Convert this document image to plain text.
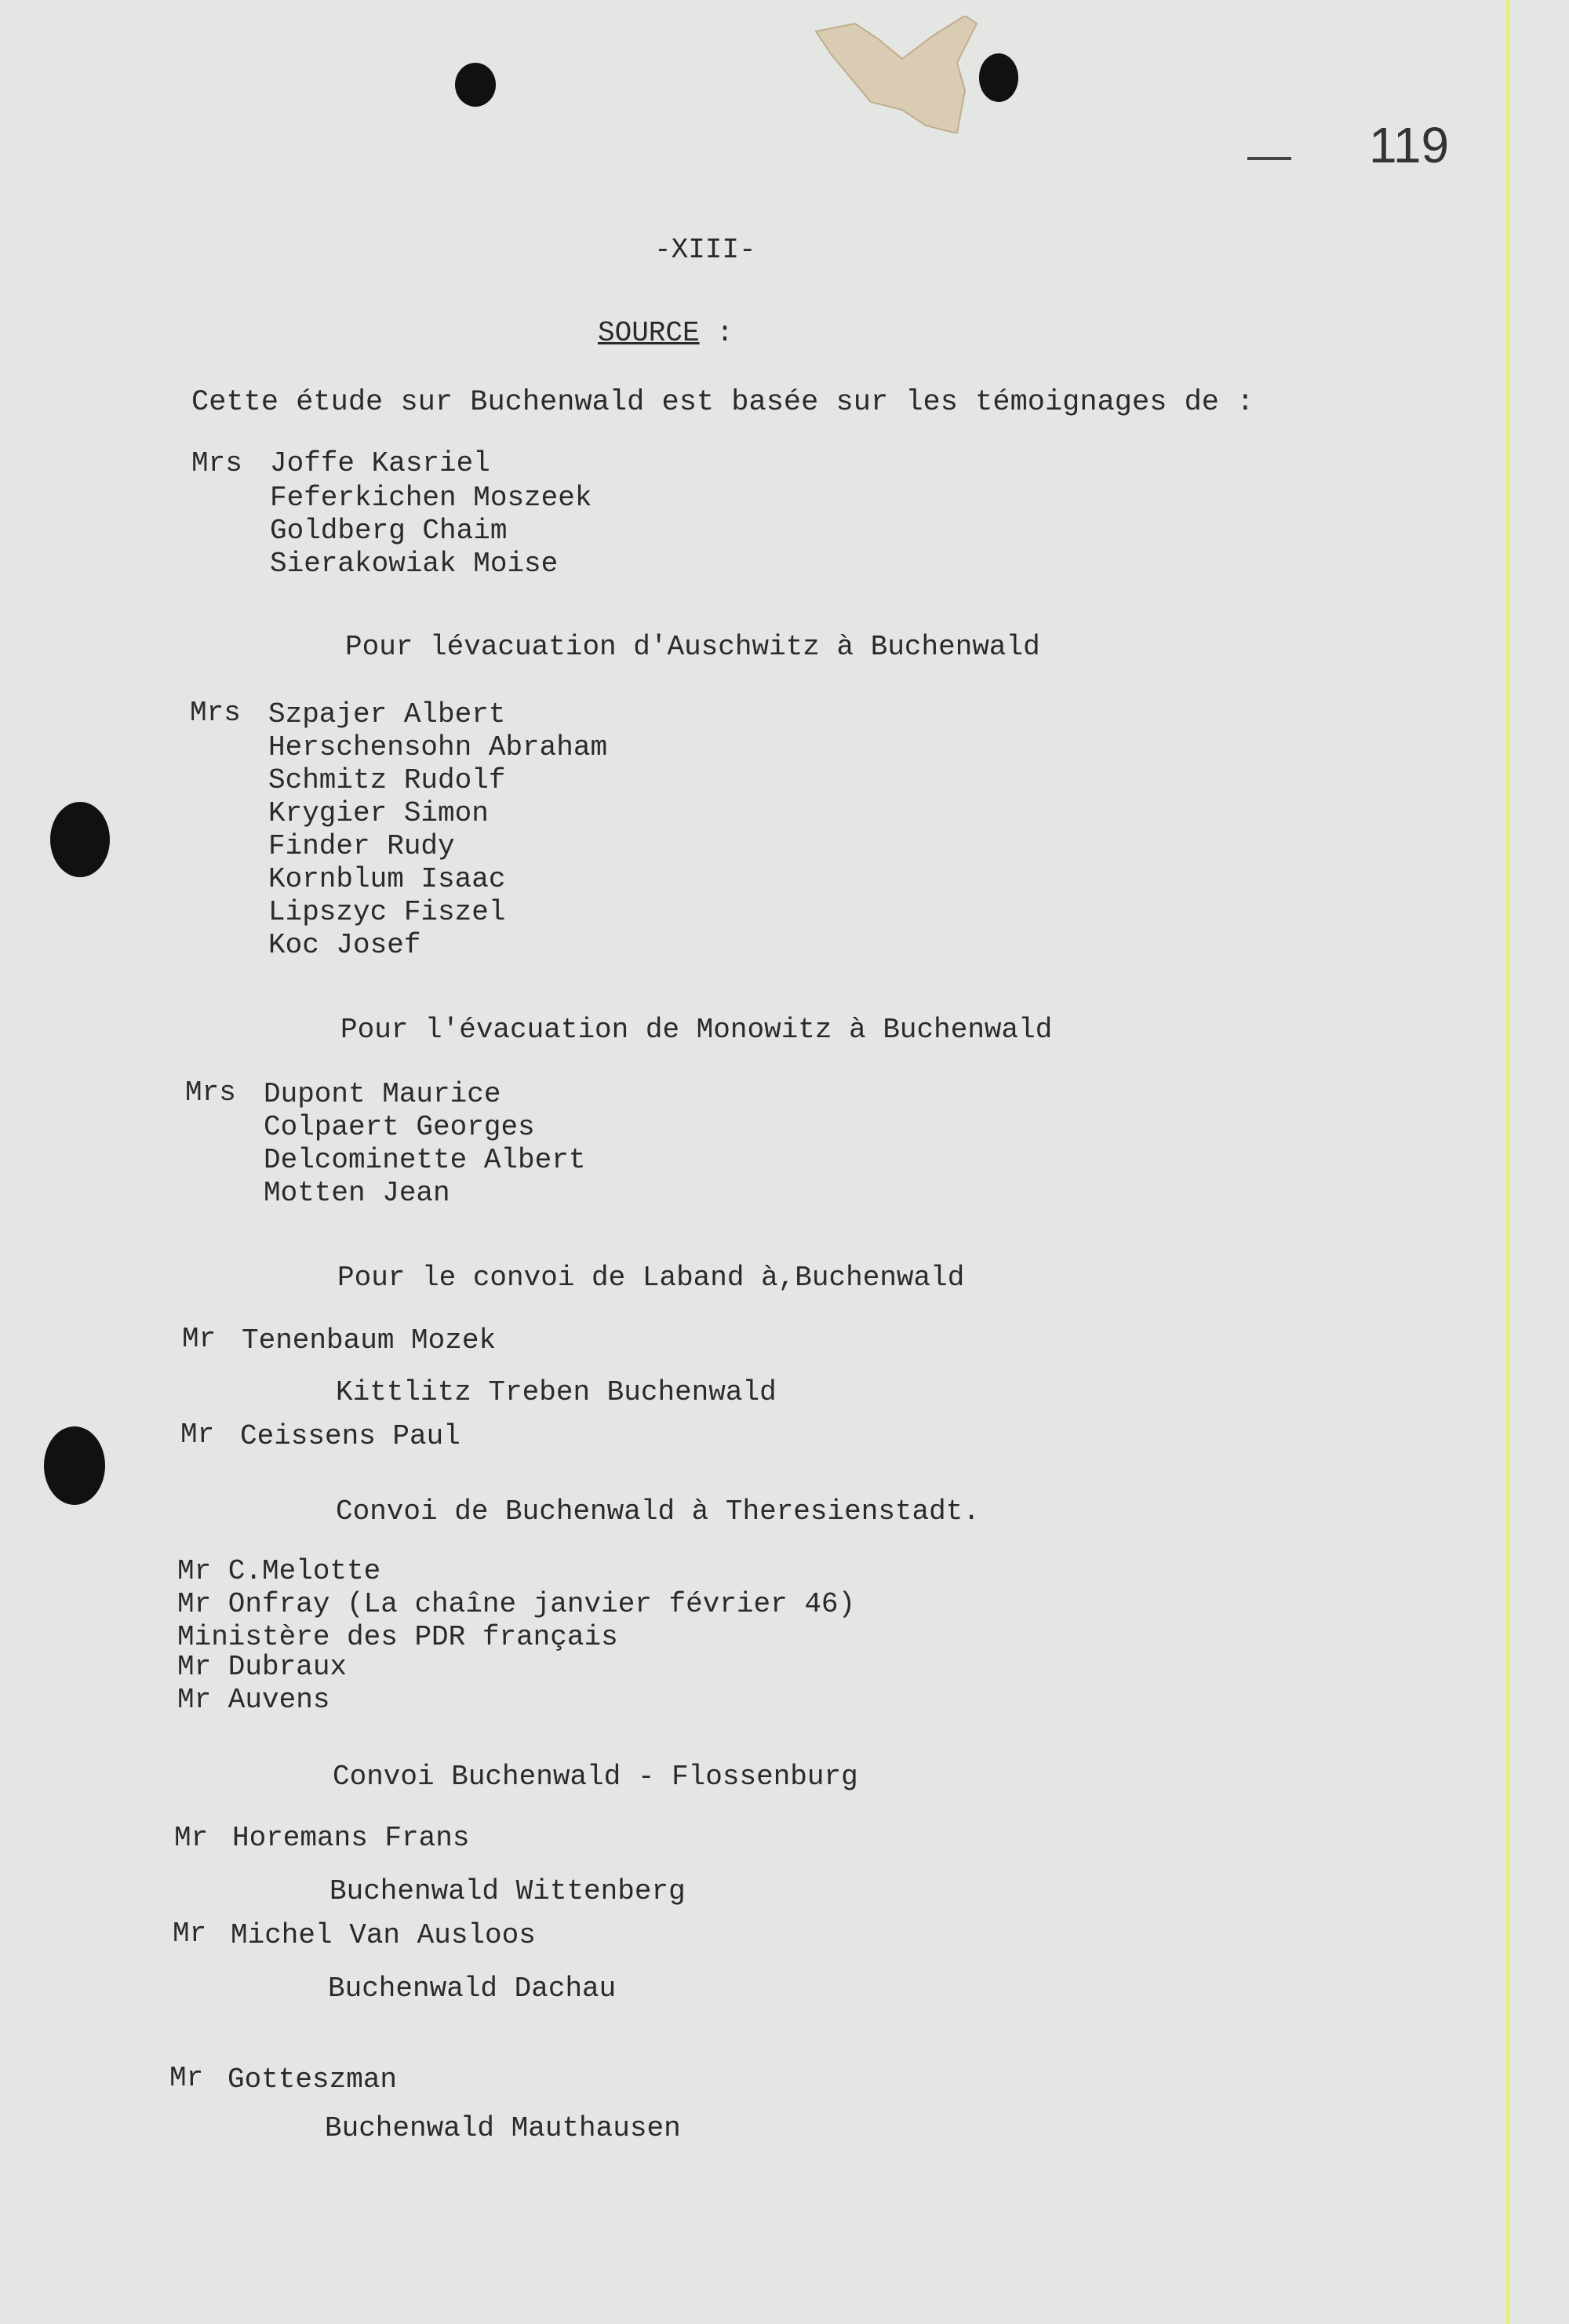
119
-XIII-
SOURCE :
Cette étude sur Buchenwald est basée sur les témoignages de :
Mrs Joffe Kasriel
Feferkichen Moszeek
Goldberg Chaim
Sierakowiak Moise
Pour lévacuation d'Auschwitz à Buchenwald
Mrs Szpajer Albert
Herschensohn Abraham
Schmitz Rudolf
Krygier Simon
Finder Rudy
Kornblum Isaac
Lipszyc Fiszel
Koc Josef
Pour l'évacuation de Monowitz à Buchenwald
Mrs Dupont Maurice
Colpaert Georges
Delcominette Albert
Motten Jean
Pour le convoi de Laband à,Buchenwald
Mr Tenenbaum Mozek
Kittlitz Treben Buchenwald
Mr Ceissens Paul
Convoi de Buchenwald à Theresienstadt.
Mr C.Melotte
Mr Onfray (La chaîne janvier février 46)
Ministère des PDR français
Mr Dubraux
Mr Auvens
Convoi Buchenwald - Flossenburg
Mr Horemans Frans
Buchenwald Wittenberg
Mr Michel Van Ausloos
Buchenwald Dachau
Mr Gotteszman
Buchenwald Mauthausen
